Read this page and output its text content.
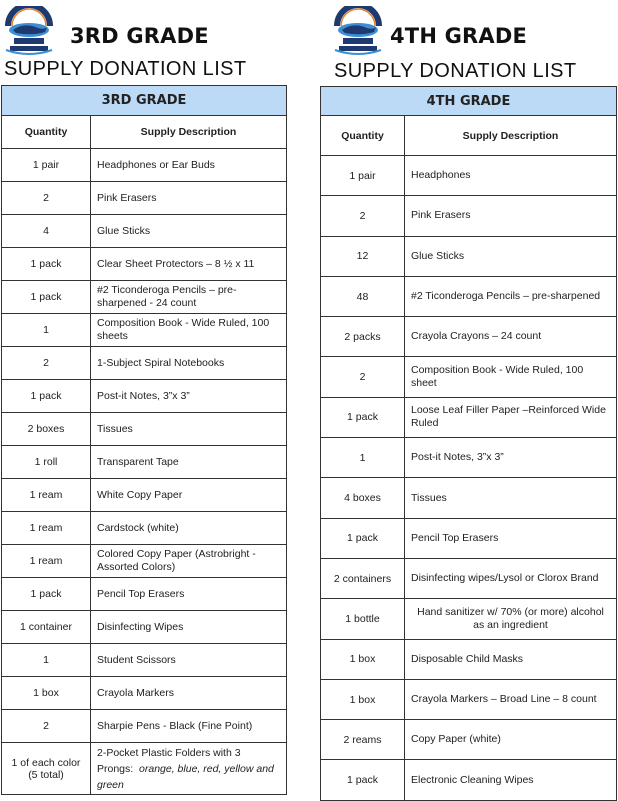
3RD GRADE
SUPPLY DONATION LIST
3RD GRADE	
Quantity	Supply Description
1 pair	Headphones or Ear Buds
2	Pink Erasers
4	Glue Sticks
1 pack	Clear Sheet Protectors – 8 ½ x 11
1 pack	#2 Ticonderoga Pencils – pre-sharpened - 24 count
1	Composition Book - Wide Ruled, 100 sheets
2	1-Subject Spiral Notebooks
1 pack	Post-it Notes, 3”x 3”
2 boxes	Tissues
1 roll	Transparent Tape
1 ream	White Copy Paper
1 ream	Cardstock (white)
1 ream	Colored Copy Paper (Astrobright - Assorted Colors)
1 pack	Pencil Top Erasers
1 container	Disinfecting Wipes
1	Student Scissors
1 box	Crayola Markers
2	Sharpie Pens - Black (Fine Point)

1 of each color
(5 total)	2-Pocket Plastic Folders with 3 Prongs: orange, blue, red, yellow and green
4TH GRADE
SUPPLY DONATION LIST
4TH GRADE	
Quantity	Supply Description
1 pair	Headphones
2	Pink Erasers
12	Glue Sticks
48	#2 Ticonderoga Pencils – pre-sharpened
2 packs	Crayola Crayons – 24 count
2	Composition Book - Wide Ruled, 100 sheet
1 pack	Loose Leaf Filler Paper –Reinforced Wide Ruled
1	Post-it Notes, 3”x 3”
4 boxes	Tissues
1 pack	Pencil Top Erasers
2 containers	Disinfecting wipes/Lysol or Clorox Brand
1 bottle	Hand sanitizer w/ 70% (or more) alcohol as an ingredient
1 box	Disposable Child Masks
1 box	Crayola Markers – Broad Line – 8 count
2 reams	Copy Paper (white)
1 pack	Electronic Cleaning Wipes
